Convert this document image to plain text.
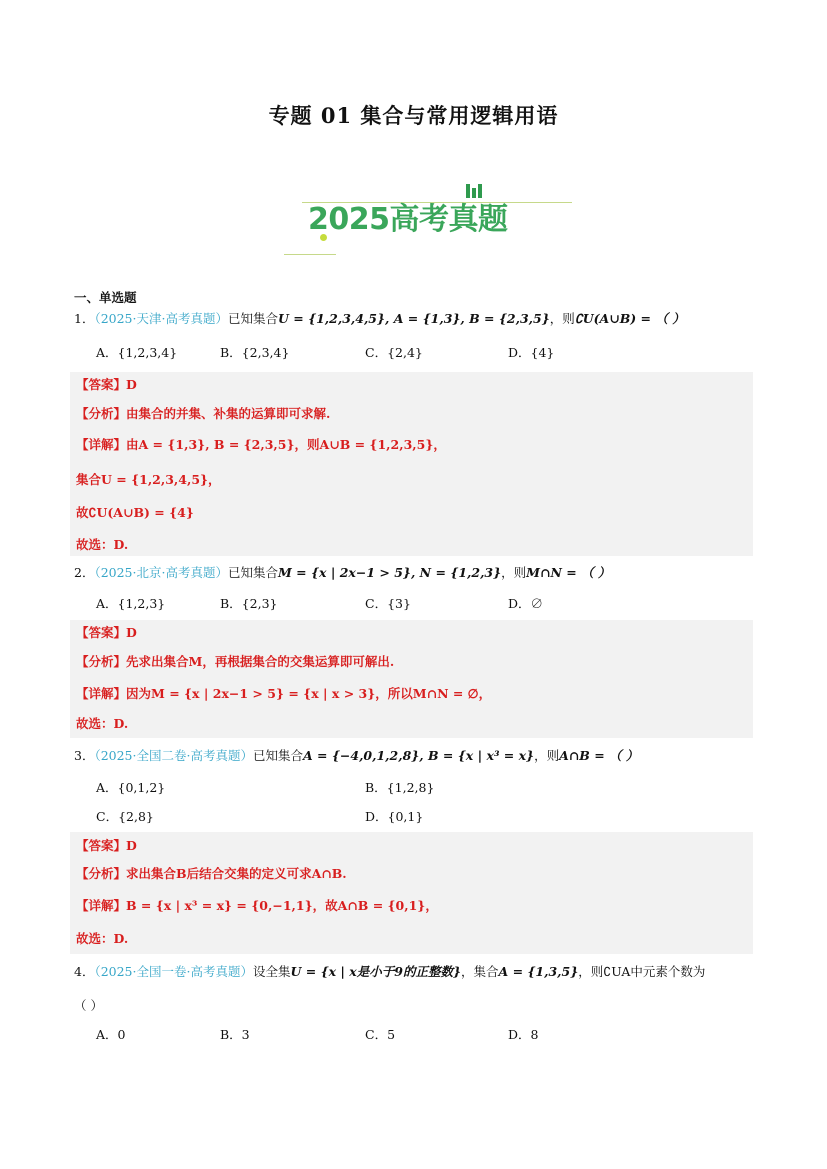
专题 01 集合与常用逻辑用语
2025高考真题
一、单选题
1．（2025·天津·高考真题）已知集合U = {1,2,3,4,5}, A = {1,3}, B = {2,3,5}，则∁U(A∪B) = （ ）
A．{1,2,3,4}	B．{2,3,4}	C．{2,4}	D．{4}
【答案】D
【分析】由集合的并集、补集的运算即可求解.
【详解】由A = {1,3}, B = {2,3,5}，则A∪B = {1,2,3,5}，
集合U = {1,2,3,4,5}，
故∁U(A∪B) = {4}
故选：D.
2．（2025·北京·高考真题）已知集合M = {x | 2x−1 > 5}, N = {1,2,3}，则M∩N = （ ）
A．{1,2,3}	B．{2,3}	C．{3}	D．∅
【答案】D
【分析】先求出集合M，再根据集合的交集运算即可解出.
【详解】因为M = {x | 2x−1 > 5} = {x | x > 3}，所以M∩N = ∅，
故选：D.
3．（2025·全国二卷·高考真题）已知集合A = {−4,0,1,2,8}, B = {x | x³ = x}，则A∩B = （ ）
A．{0,1,2}	B．{1,2,8}
C．{2,8}	D．{0,1}
【答案】D
【分析】求出集合B后结合交集的定义可求A∩B.
【详解】B = {x | x³ = x} = {0,−1,1}，故A∩B = {0,1}，
故选：D.
4．（2025·全国一卷·高考真题）设全集U = {x | x是小于9的正整数}，集合A = {1,3,5}，则∁UA中元素个数为
（ ）
A．0	B．3	C．5	D．8
